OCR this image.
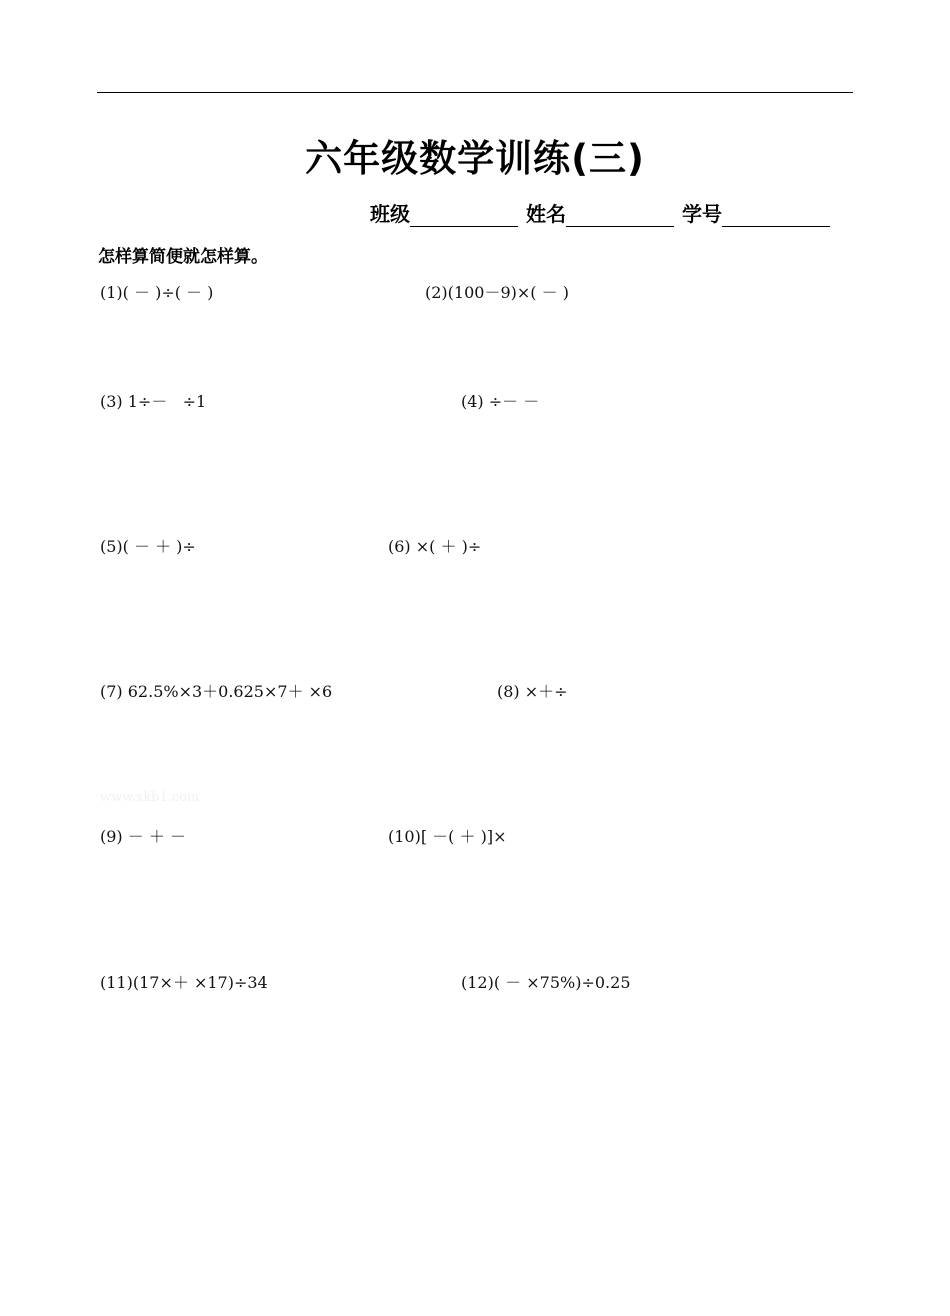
六年级数学训练(三)
班级	姓名	学号
怎样算简便就怎样算。
(1)( － )÷( － )	(2)(100－9)×( － )
(3) 1÷－   ÷1	(4) ÷－ －
(5)( － ＋ )÷	(6) ×( ＋ )÷
(7) 62.5%×3＋0.625×7＋ ×6	(8) ×＋÷
www.xkb1.com
(9) － ＋ －	(10)[ －( ＋ )]×
(11)(17×＋ ×17)÷34	(12)( － ×75%)÷0.25
